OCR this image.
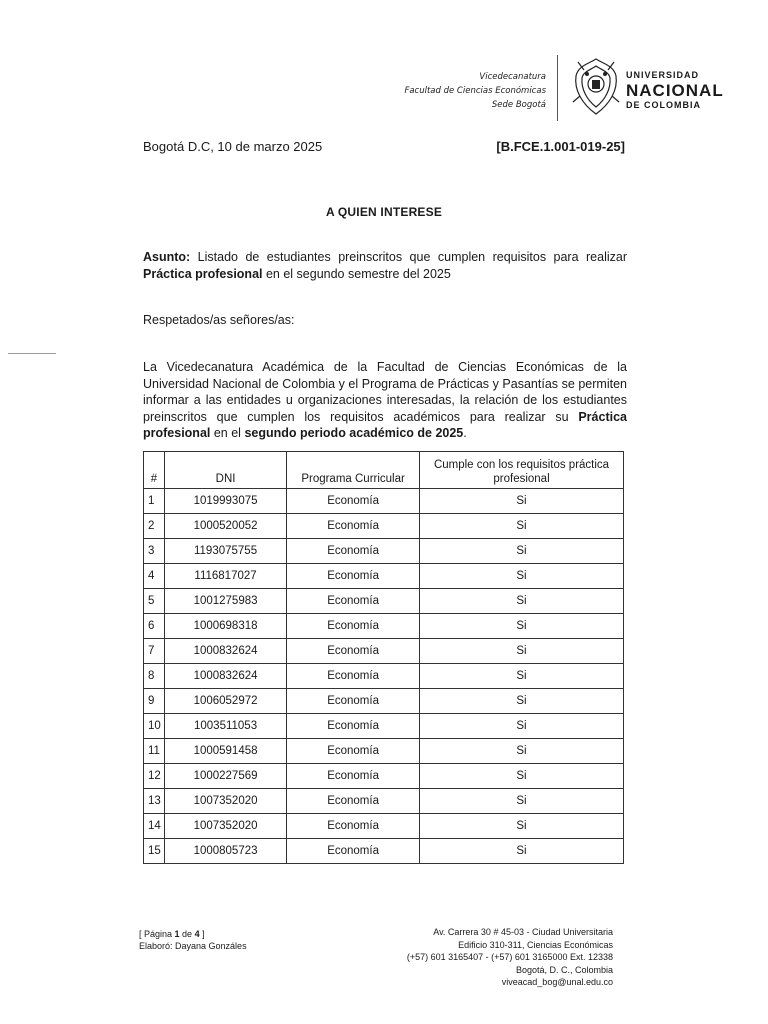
Vicedecanatura
Facultad de Ciencias Económicas
Sede Bogotá
UNIVERSIDAD
NACIONAL
DE COLOMBIA
Bogotá D.C, 10 de marzo 2025	[B.FCE.1.001-019-25]
A QUIEN INTERESE
Asunto: Listado de estudiantes preinscritos que cumplen requisitos para realizar Práctica profesional en el segundo semestre del 2025
Respetados/as señores/as:
La Vicedecanatura Académica de la Facultad de Ciencias Económicas de la Universidad Nacional de Colombia y el Programa de Prácticas y Pasantías se permiten informar a las entidades u organizaciones interesadas, la relación de los estudiantes preinscritos que cumplen los requisitos académicos para realizar su Práctica profesional en el segundo periodo académico de 2025.
#	DNI	Programa Curricular	Cumple con los requisitos práctica profesional
1	1019993075	Economía	Si
2	1000520052	Economía	Si
3	1193075755	Economía	Si
4	1116817027	Economía	Si
5	1001275983	Economía	Si
6	1000698318	Economía	Si
7	1000832624	Economía	Si
8	1000832624	Economía	Si
9	1006052972	Economía	Si
10	1003511053	Economía	Si
11	1000591458	Economía	Si
12	1000227569	Economía	Si
13	1007352020	Economía	Si
14	1007352020	Economía	Si
15	1000805723	Economía	Si
[ Página 1 de 4 ]
Elaboró: Dayana Gonzáles
Av. Carrera 30 # 45-03 - Ciudad Universitaria
Edificio 310-311, Ciencias Económicas
(+57) 601 3165407 - (+57) 601 3165000 Ext. 12338
Bogotá, D. C., Colombia
viveacad_bog@unal.edu.co
